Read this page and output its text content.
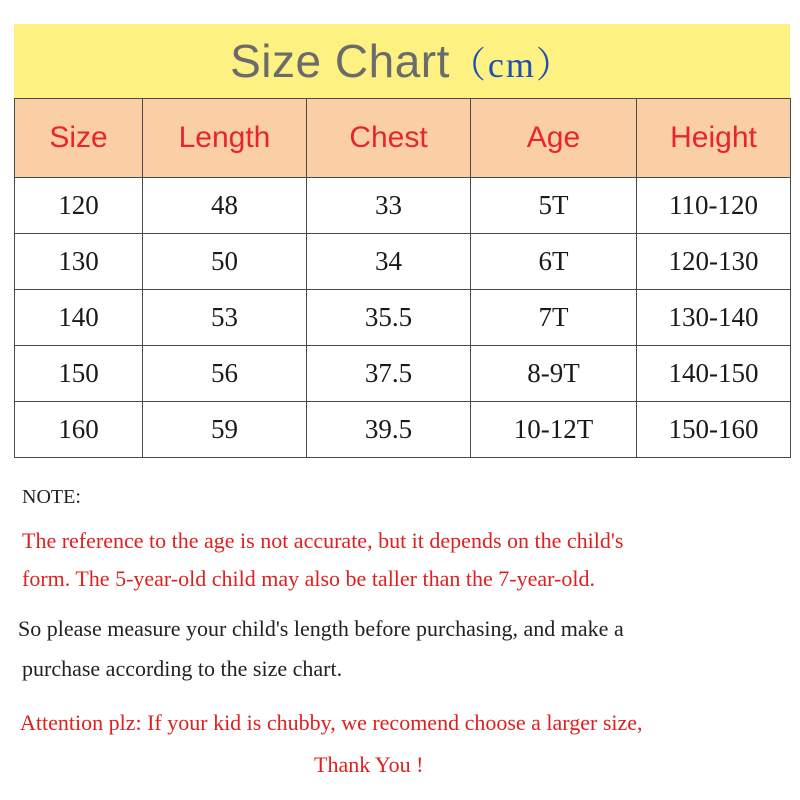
Size Chart（cm）
Size	Length	Chest	Age	Height
120	48	33	5T	110-120
130	50	34	6T	120-130
140	53	35.5	7T	130-140
150	56	37.5	8-9T	140-150
160	59	39.5	10-12T	150-160
NOTE:
The reference to the age is not accurate, but it depends on the child's
form. The 5-year-old child may also be taller than the 7-year-old.
So please measure your child's length before purchasing, and make a
purchase according to the size chart.
Attention plz: If your kid is chubby, we recomend choose a larger size,
Thank You !
